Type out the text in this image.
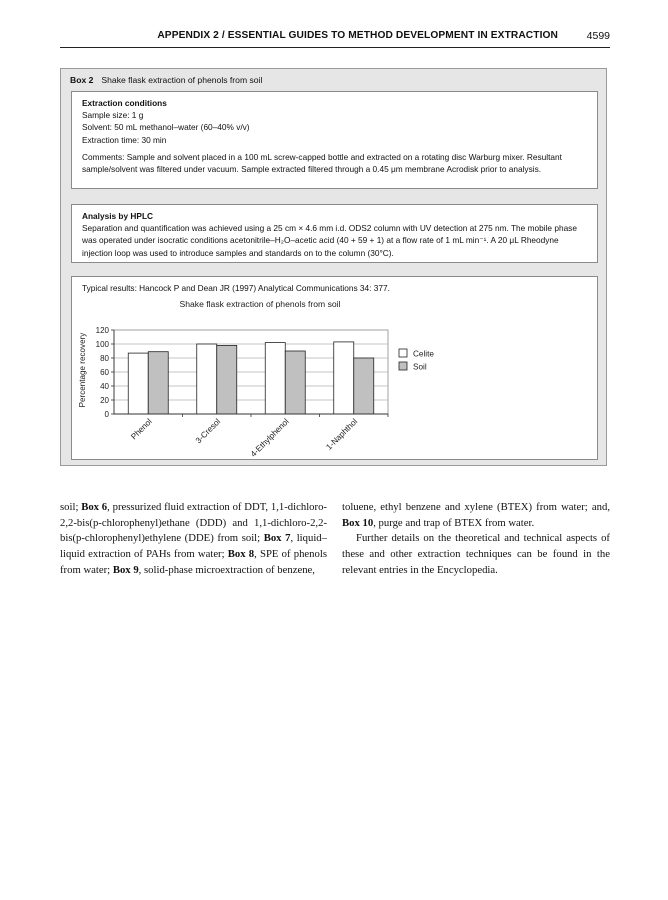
APPENDIX 2 / ESSENTIAL GUIDES TO METHOD DEVELOPMENT IN EXTRACTION	4599
Box 2 Shake flask extraction of phenols from soil
Extraction conditions
Sample size: 1 g
Solvent: 50 mL methanol–water (60–40% v/v)
Extraction time: 30 min
Comments: Sample and solvent placed in a 100 mL screw-capped bottle and extracted on a rotating disc Warburg mixer. Resultant sample/solvent was filtered under vacuum. Sample extracted filtered through a 0.45 μm membrane Acrodisk prior to analysis.
Analysis by HPLC
Separation and quantification was achieved using a 25 cm × 4.6 mm i.d. ODS2 column with UV detection at 275 nm. The mobile phase was operated under isocratic conditions acetonitrile–H₂O–acetic acid (40 + 59 + 1) at a flow rate of 1 mL min⁻¹. A 20 μL Rheodyne injection loop was used to introduce samples and standards on to the column (30°C).
Typical results: Hancock P and Dean JR (1997) Analytical Communications 34: 377.
Shake flask extraction of phenols from soil
Percentage recovery
0
20
40
60
80
100
120
Phenol	3-Cresol	4-Ethylphenol	1-Naphthol
Celite
Soil

soil; Box 6, pressurized fluid extraction of DDT, 1,1-dichloro-2,2-bis(p-chlorophenyl)ethane (DDD) and 1,1-dichloro-2,2-bis(p-chlorophenyl)ethylene (DDE) from soil; Box 7, liquid–liquid extraction of PAHs from water; Box 8, SPE of phenols from water; Box 9, solid-phase microextraction of benzene,

toluene, ethyl benzene and xylene (BTEX) from water; and, Box 10, purge and trap of BTEX from water.

Further details on the theoretical and technical aspects of these and other extraction techniques can be found in the relevant entries in the Encyclopedia.
